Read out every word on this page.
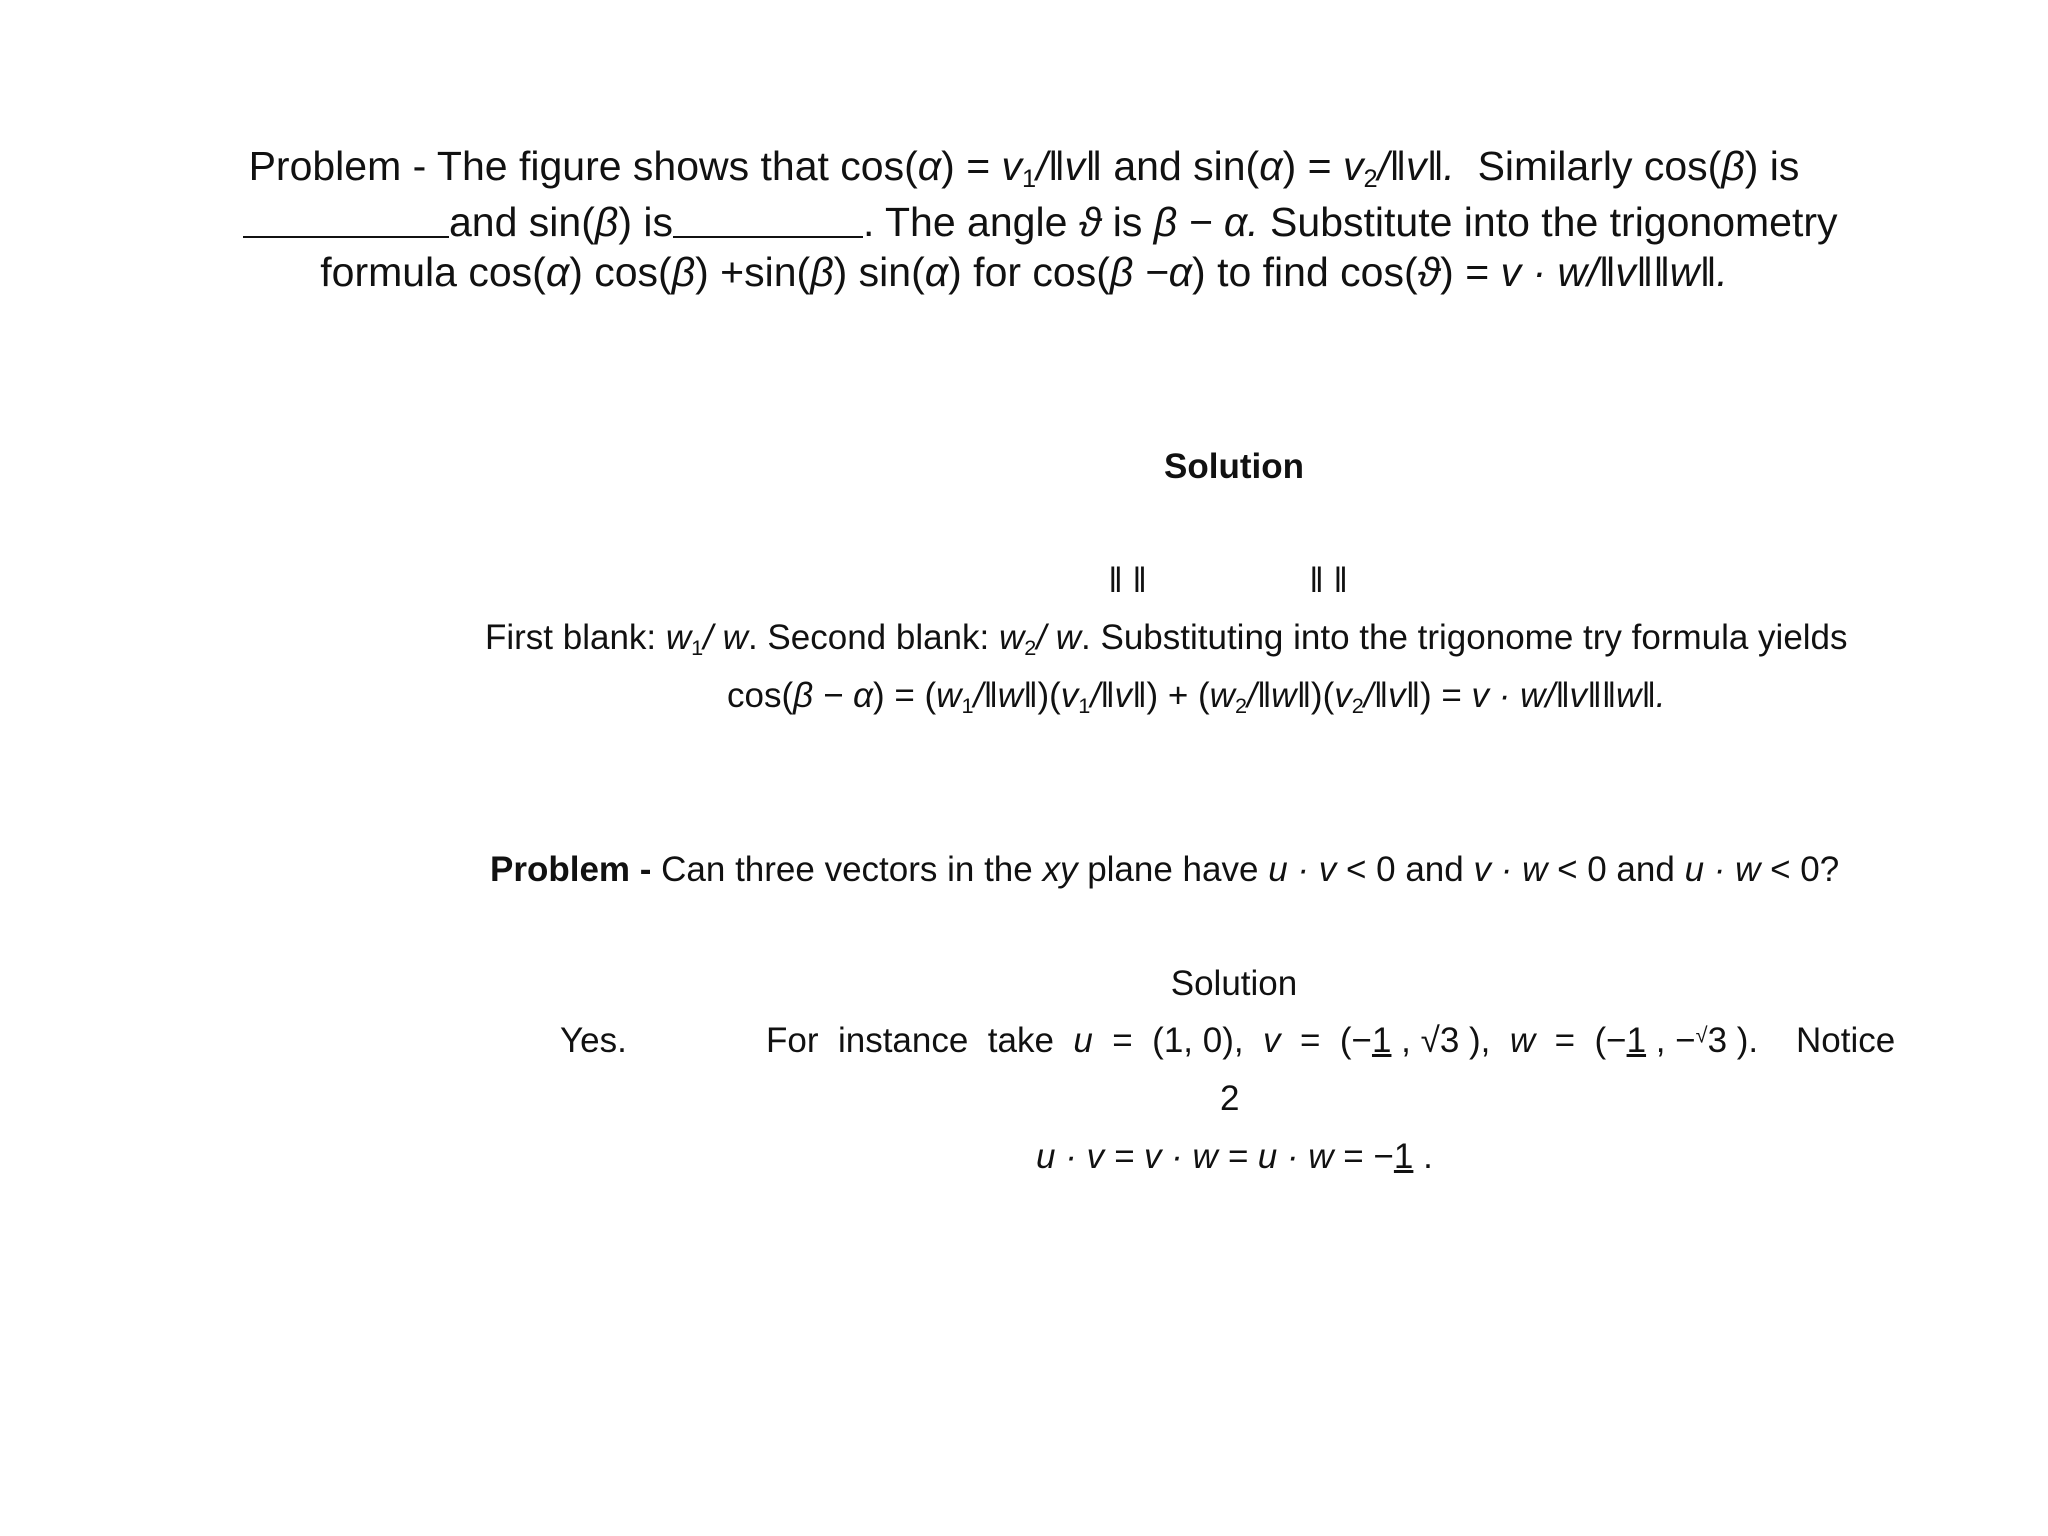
Problem - The figure shows that $\cos(\alpha) = v_1/‖v‖$ and $\sin(\alpha) = v_2/‖v‖$.  Similarly cos(β) is
and sin(β) is	. The angle ϑ is β − α. Substitute into the trigonometry
formula cos(α) cos(β) +sin(β) sin(α) for cos(β −α) to find cos(ϑ) = v · w/‖v‖‖w‖.
Solution
‖ ‖	‖ ‖
First blank: $w_1/$ w. Second blank: $w_2/$ w. Substituting into the trigonome try formula yields
$\cos(\beta - \alpha) = (w_1/‖w‖)(v_1/‖v‖)$ + $(w_2/‖w‖)(v_2/‖v‖) = v$ · w/‖v‖‖w‖.
Problem - Can three vectors in the xy plane have u · v < 0 and v · w < 0 and u · w < 0?
Solution
Yes.	For  instance  take  u  =  (1, 0),  v  =  (−1 , √3 ),  w  =  (−1 , −√3 ). Notice
2
u · v = v · w = u · w = −1 .
